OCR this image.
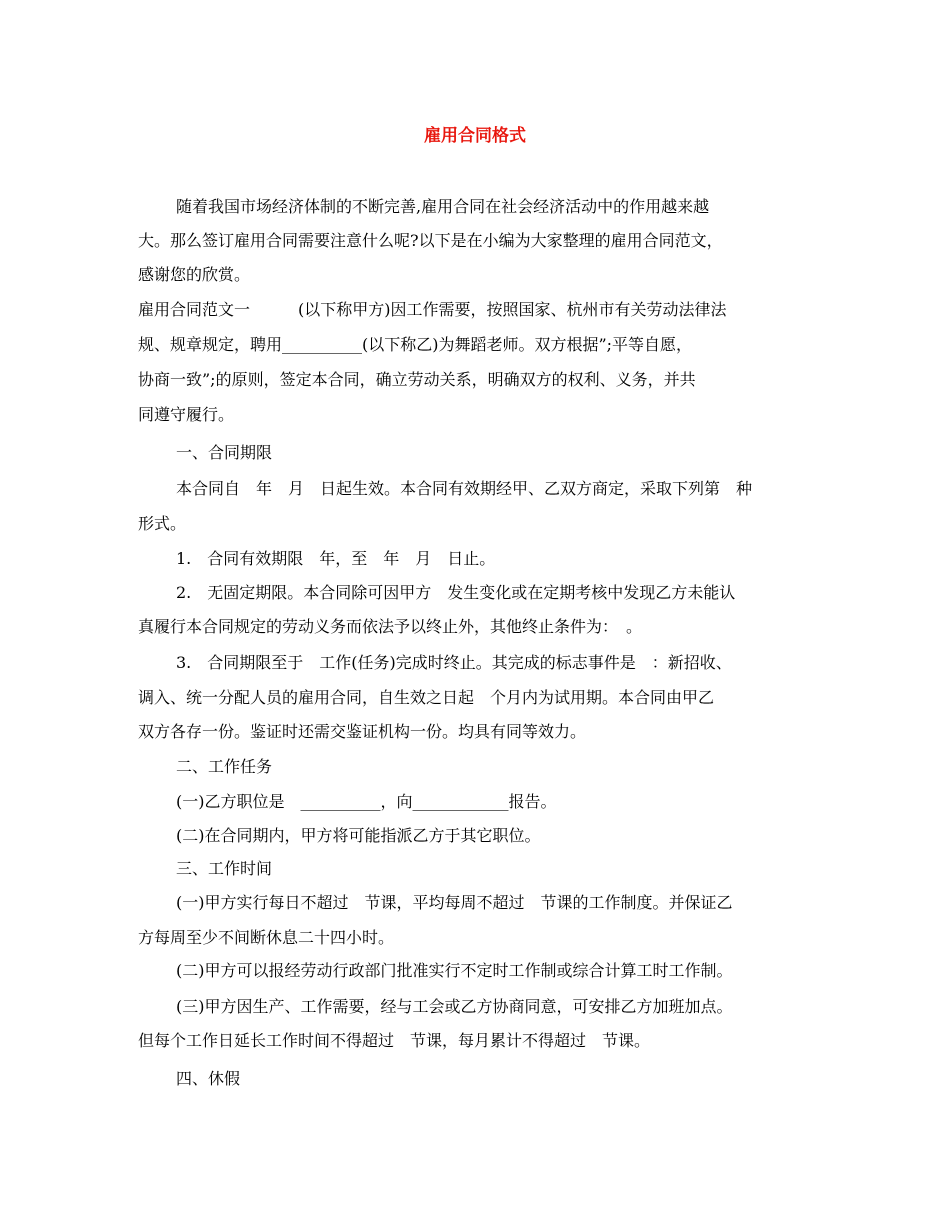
雇用合同格式
随着我国市场经济体制的不断完善,雇用合同在社会经济活动中的作用越来越
大。那么签订雇用合同需要注意什么呢?以下是在小编为大家整理的雇用合同范文，
感谢您的欣赏。
雇用合同范文一　　　(以下称甲方)因工作需要，按照国家、杭州市有关劳动法律法
规、规章规定，聘用__________(以下称乙)为舞蹈老师。双方根据”;平等自愿，
协商一致”;的原则，签定本合同，确立劳动关系，明确双方的权利、义务，并共
同遵守履行。
一、合同期限
本合同自　年　月　日起生效。本合同有效期经甲、乙双方商定，采取下列第　种
形式。
1.　合同有效期限　年，至　年　月　日止。
2.　无固定期限。本合同除可因甲方　发生变化或在定期考核中发现乙方未能认
真履行本合同规定的劳动义务而依法予以终止外，其他终止条件为：　。
3.　合同期限至于　工作(任务)完成时终止。其完成的标志事件是　：新招收、
调入、统一分配人员的雇用合同，自生效之日起　个月内为试用期。本合同由甲乙
双方各存一份。鉴证时还需交鉴证机构一份。均具有同等效力。
二、工作任务
(一)乙方职位是　__________，向____________报告。
(二)在合同期内，甲方将可能指派乙方于其它职位。
三、工作时间
(一)甲方实行每日不超过　节课，平均每周不超过　节课的工作制度。并保证乙
方每周至少不间断休息二十四小时。
(二)甲方可以报经劳动行政部门批准实行不定时工作制或综合计算工时工作制。
(三)甲方因生产、工作需要，经与工会或乙方协商同意，可安排乙方加班加点。
但每个工作日延长工作时间不得超过　节课，每月累计不得超过　节课。
四、休假
